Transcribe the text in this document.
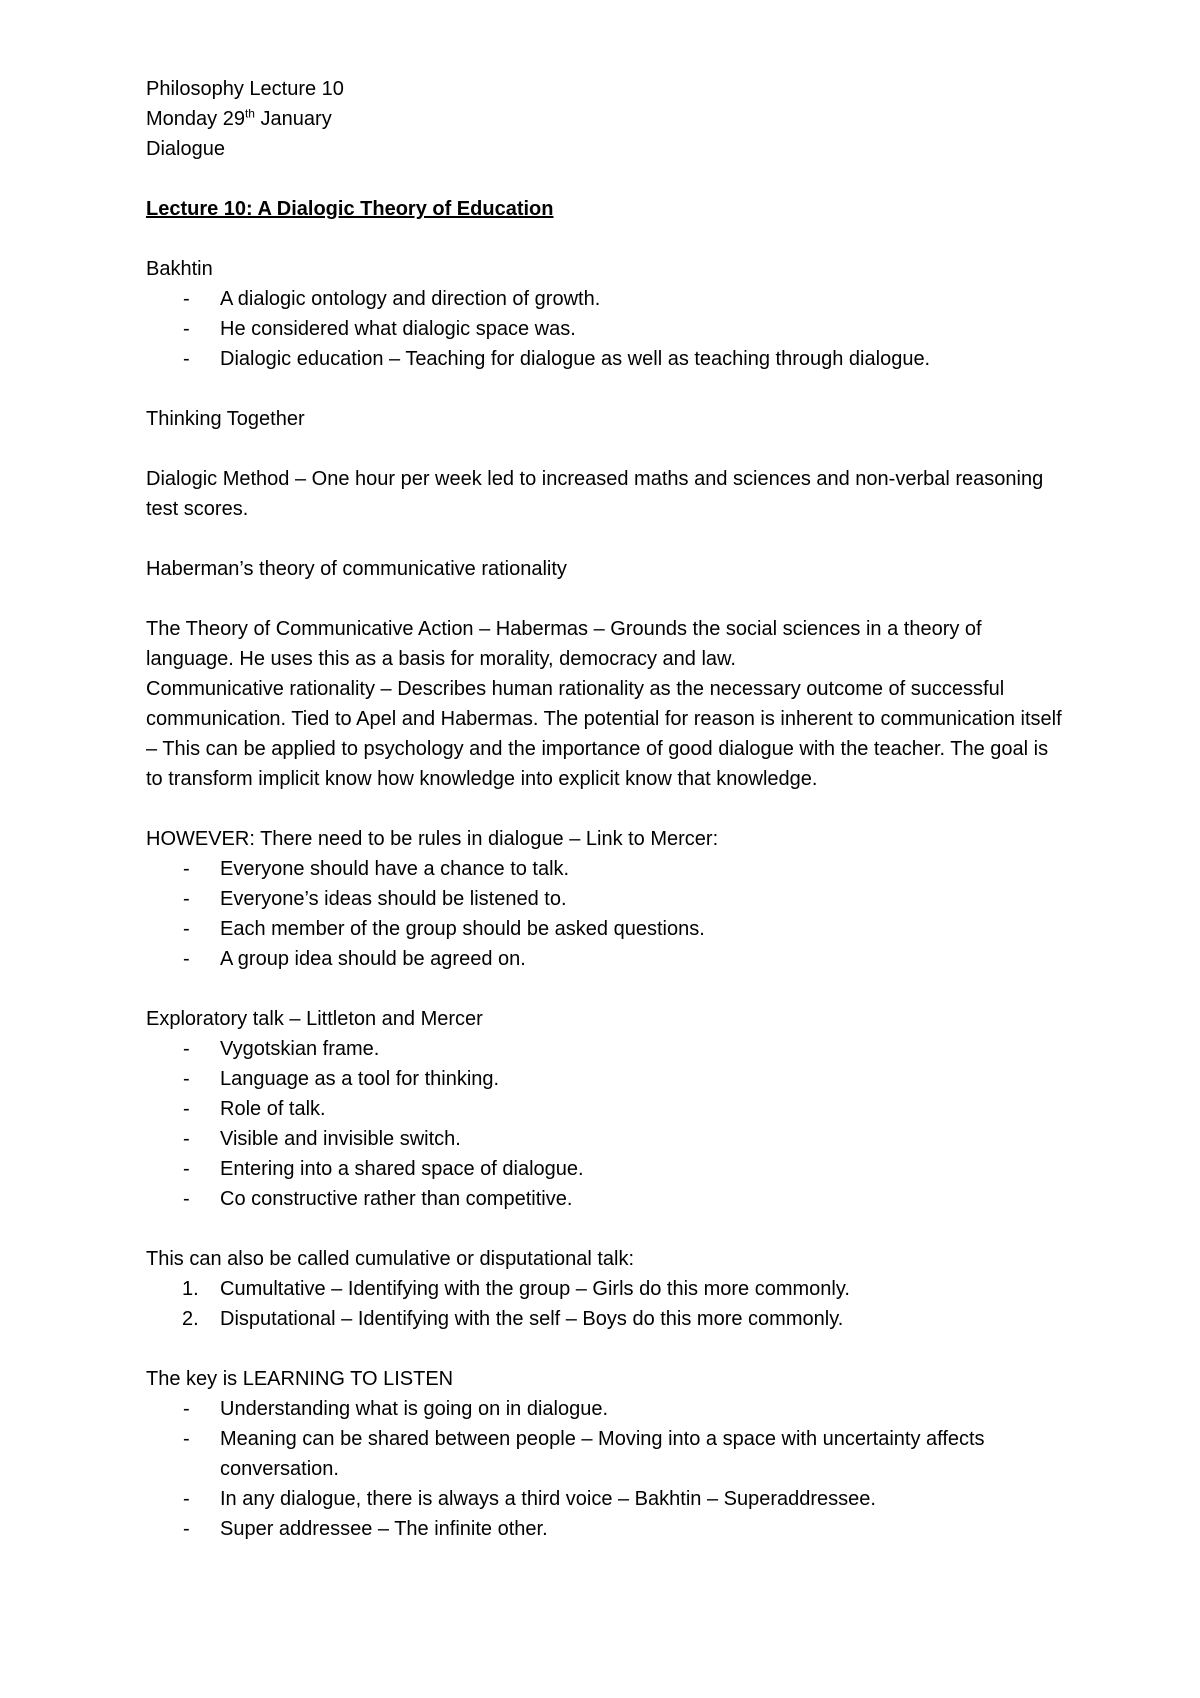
Philosophy Lecture 10

Monday 29th January

Dialogue

Lecture 10: A Dialogic Theory of Education

Bakhtin

- A dialogic ontology and direction of growth.
- He considered what dialogic space was.
- Dialogic education – Teaching for dialogue as well as teaching through dialogue.

Thinking Together

Dialogic Method – One hour per week led to increased maths and sciences and non-verbal reasoning test scores.

Haberman’s theory of communicative rationality

The Theory of Communicative Action – Habermas – Grounds the social sciences in a theory of language. He uses this as a basis for morality, democracy and law.

Communicative rationality – Describes human rationality as the necessary outcome of successful communication. Tied to Apel and Habermas. The potential for reason is inherent to communication itself – This can be applied to psychology and the importance of good dialogue with the teacher. The goal is to transform implicit know how knowledge into explicit know that knowledge.

HOWEVER: There need to be rules in dialogue – Link to Mercer:

- Everyone should have a chance to talk.
- Everyone’s ideas should be listened to.
- Each member of the group should be asked questions.
- A group idea should be agreed on.

Exploratory talk – Littleton and Mercer

- Vygotskian frame.
- Language as a tool for thinking.
- Role of talk.
- Visible and invisible switch.
- Entering into a shared space of dialogue.
- Co constructive rather than competitive.

This can also be called cumulative or disputational talk:

1. Cumultative – Identifying with the group – Girls do this more commonly.
2. Disputational – Identifying with the self – Boys do this more commonly.

The key is LEARNING TO LISTEN

- Understanding what is going on in dialogue.
- Meaning can be shared between people – Moving into a space with uncertainty affects conversation.
- In any dialogue, there is always a third voice – Bakhtin – Superaddressee.
- Super addressee – The infinite other.
